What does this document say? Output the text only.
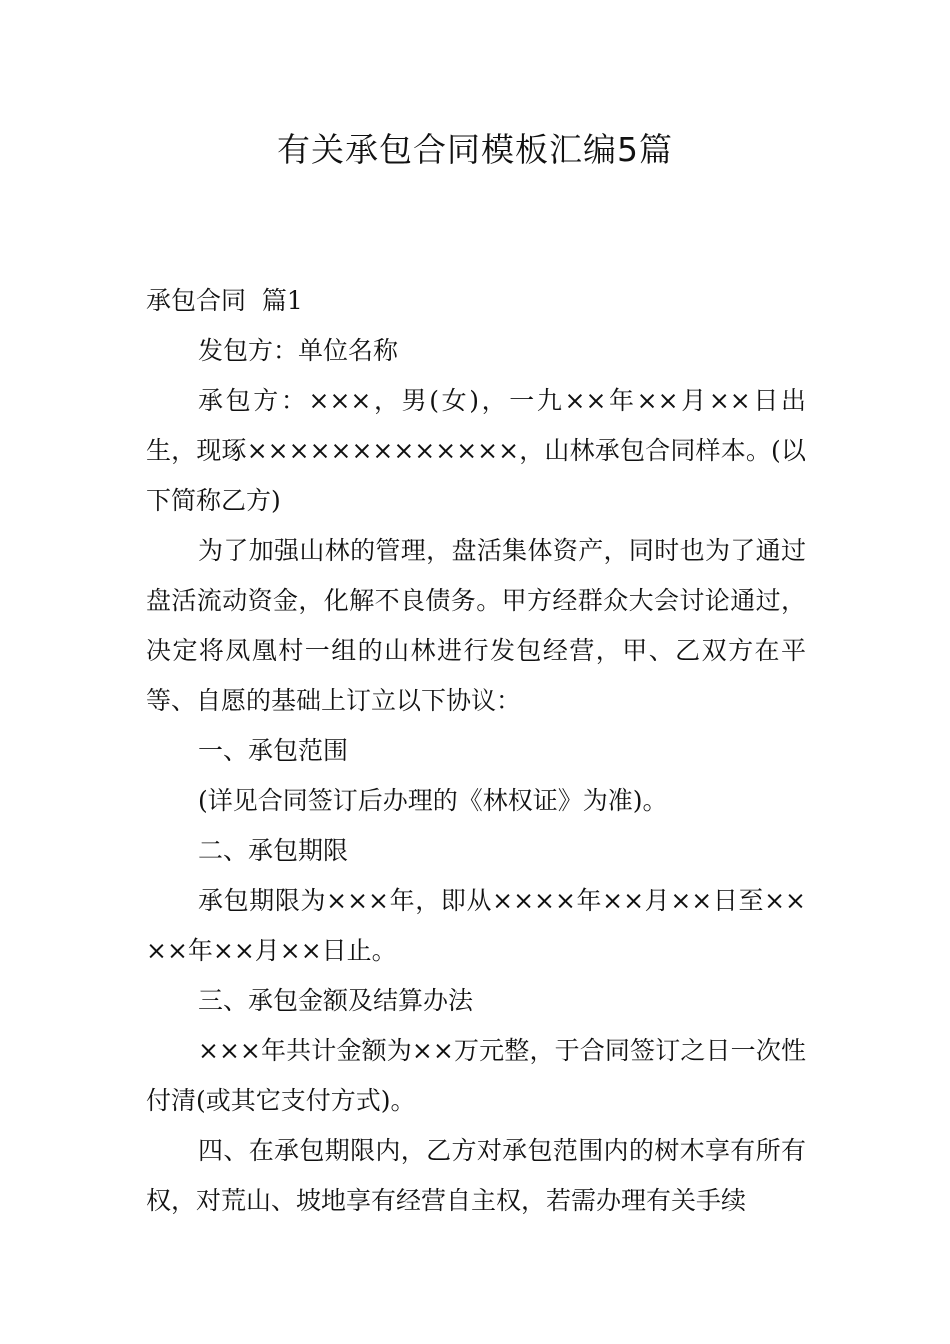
有关承包合同模板汇编5篇

承包合同  篇1

发包方：单位名称

承包方：×××，男(女)，一九××年××月××日出生，现琢×××××××××××××，山林承包合同样本。(以下简称乙方)

为了加强山林的管理，盘活集体资产，同时也为了通过盘活流动资金，化解不良债务。甲方经群众大会讨论通过，决定将凤凰村一组的山林进行发包经营，甲、乙双方在平等、自愿的基础上订立以下协议：

一、承包范围

(详见合同签订后办理的《林权证》为准)。

二、承包期限

承包期限为×××年，即从××××年××月××日至××××年××月××日止。

三、承包金额及结算办法

×××年共计金额为××万元整，于合同签订之日一次性付清(或其它支付方式)。

四、在承包期限内，乙方对承包范围内的树木享有所有权，对荒山、坡地享有经营自主权，若需办理有关手续
